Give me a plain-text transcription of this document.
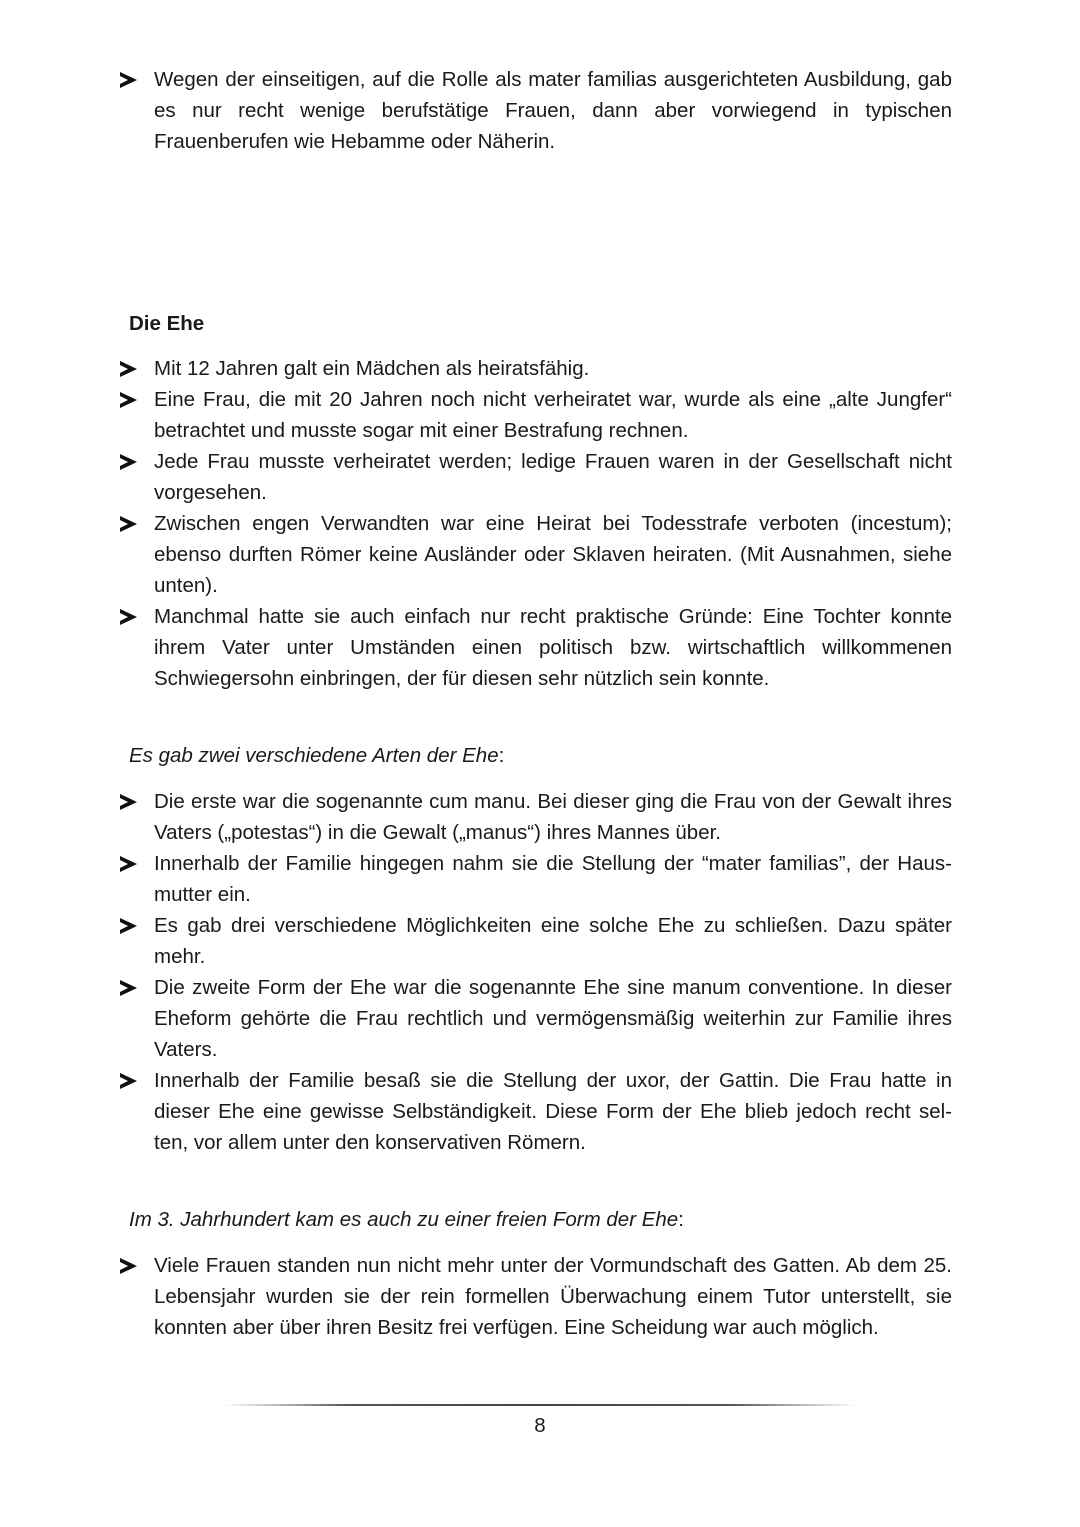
Wegen der einseitigen, auf die Rolle als mater familias ausgerichteten Ausbildung, gab es nur recht wenige berufstätige Frauen, dann aber vorwiegend in typischen Frauenberufen wie Hebamme oder Näherin.
Die Ehe
Mit 12 Jahren galt ein Mädchen als heiratsfähig.
Eine Frau, die mit 20 Jahren noch nicht verheiratet war, wurde als eine „alte Jungfer“ betrachtet und musste sogar mit einer Bestrafung rechnen.
Jede Frau musste verheiratet werden; ledige Frauen waren in der Gesellschaft nicht vorgesehen.
Zwischen engen Verwandten war eine Heirat bei Todesstrafe verboten (incestum); ebenso durften Römer keine Ausländer oder Sklaven heiraten. (Mit Ausnahmen, siehe unten).
Manchmal hatte sie auch einfach nur recht praktische Gründe: Eine Tochter konnte ihrem Vater unter Umständen einen politisch bzw. wirtschaftlich willkommenen Schwiegersohn einbringen, der für diesen sehr nützlich sein konnte.
Es gab zwei verschiedene Arten der Ehe:
Die erste war die sogenannte cum manu. Bei dieser ging die Frau von der Gewalt ihres Vaters („potestas“) in die Gewalt („manus“) ihres Mannes über.
Innerhalb der Familie hingegen nahm sie die Stellung der “mater familias”, der Haus-mutter ein.
Es gab drei verschiedene Möglichkeiten eine solche Ehe zu schließen. Dazu später mehr.
Die zweite Form der Ehe war die sogenannte Ehe sine manum conventione. In dieser Eheform gehörte die Frau rechtlich und vermögensmäßig weiterhin zur Familie ihres Vaters.
Innerhalb der Familie besaß sie die Stellung der uxor, der Gattin. Die Frau hatte in dieser Ehe eine gewisse Selbständigkeit. Diese Form der Ehe blieb jedoch recht sel-ten, vor allem unter den konservativen Römern.
Im 3. Jahrhundert kam es auch zu einer freien Form der Ehe:
Viele Frauen standen nun nicht mehr unter der Vormundschaft des Gatten. Ab dem 25. Lebensjahr wurden sie der rein formellen Überwachung einem Tutor unterstellt, sie konnten aber über ihren Besitz frei verfügen. Eine Scheidung war auch möglich.
8
